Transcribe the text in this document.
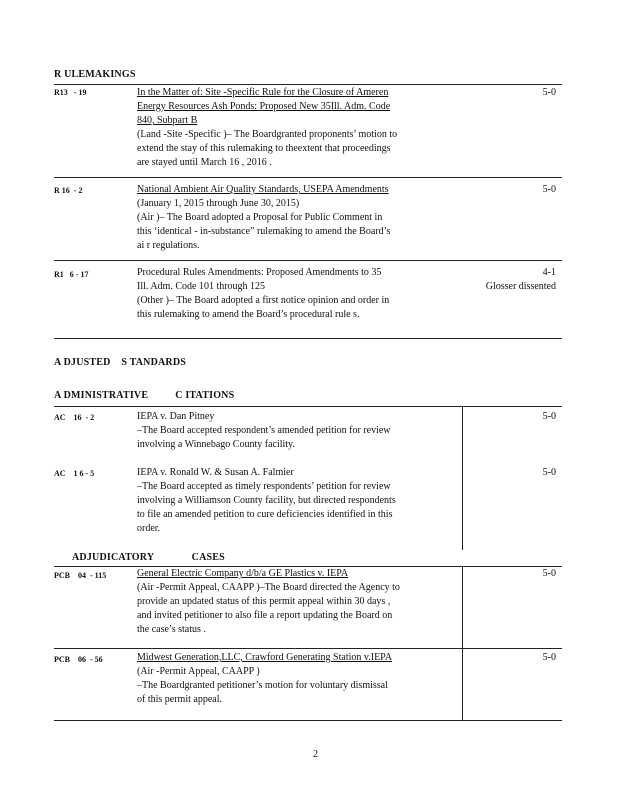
R ULEMAKINGS
R13   - 19	In the Matter of: Site -Specific Rule for the Closure of Ameren
Energy Resources Ash Ponds: Proposed New 35Ill. Adm. Code
840, Subpart B
(Land -Site -Specific )– The Boardgranted proponents’ motion to
extend the stay of this rulemaking to theextent that proceedings
are stayed until March 16 , 2016 .
5-0
R 16  - 2	National Ambient Air Quality Standards, USEPA Amendments
(January 1, 2015 through June 30, 2015)
(Air )– The Board adopted a Proposal for Public Comment in
this ‘identical - in-substance” rulemaking to amend the Board’s
ai r regulations.
5-0
R1   6 - 17	Procedural Rules Amendments: Proposed Amendments to 35
Ill. Adm. Code 101 through 125
(Other )– The Board adopted a first notice opinion and order in
this rulemaking to amend the Board’s procedural rule s.
4-1
Glosser dissented
A DJUSTED    S TANDARDS
A DMINISTRATIVE          C ITATIONS
AC    16  - 2	IEPA v. Dan Pitney
–The Board accepted respondent’s amended petition for review
involving a Winnebago County facility.
5-0
AC    1 6 - 5	IEPA v. Ronald W. & Susan A. Falmier
–The Board accepted as timely respondents’ petition for review
involving a Williamson County facility, but directed respondents
to file an amended petition to cure deficiencies identified in this
order.
5-0
ADJUDICATORY              CASES
PCB    04  - 115	General Electric Company d/b/a GE Plastics v. IEPA
(Air -Permit Appeal, CAAPP )–The Board directed the Agency to
provide an updated status of this permit appeal within 30 days ,
and invited petitioner to also file a report updating the Board on
the case’s status .
5-0
PCB    06  - 56	Midwest Generation,LLC, Crawford Generating Station v.IEPA
(Air -Permit Appeal, CAAPP )
–The Boardgranted petitioner’s motion for voluntary dismissal
of this permit appeal.
5-0
2
